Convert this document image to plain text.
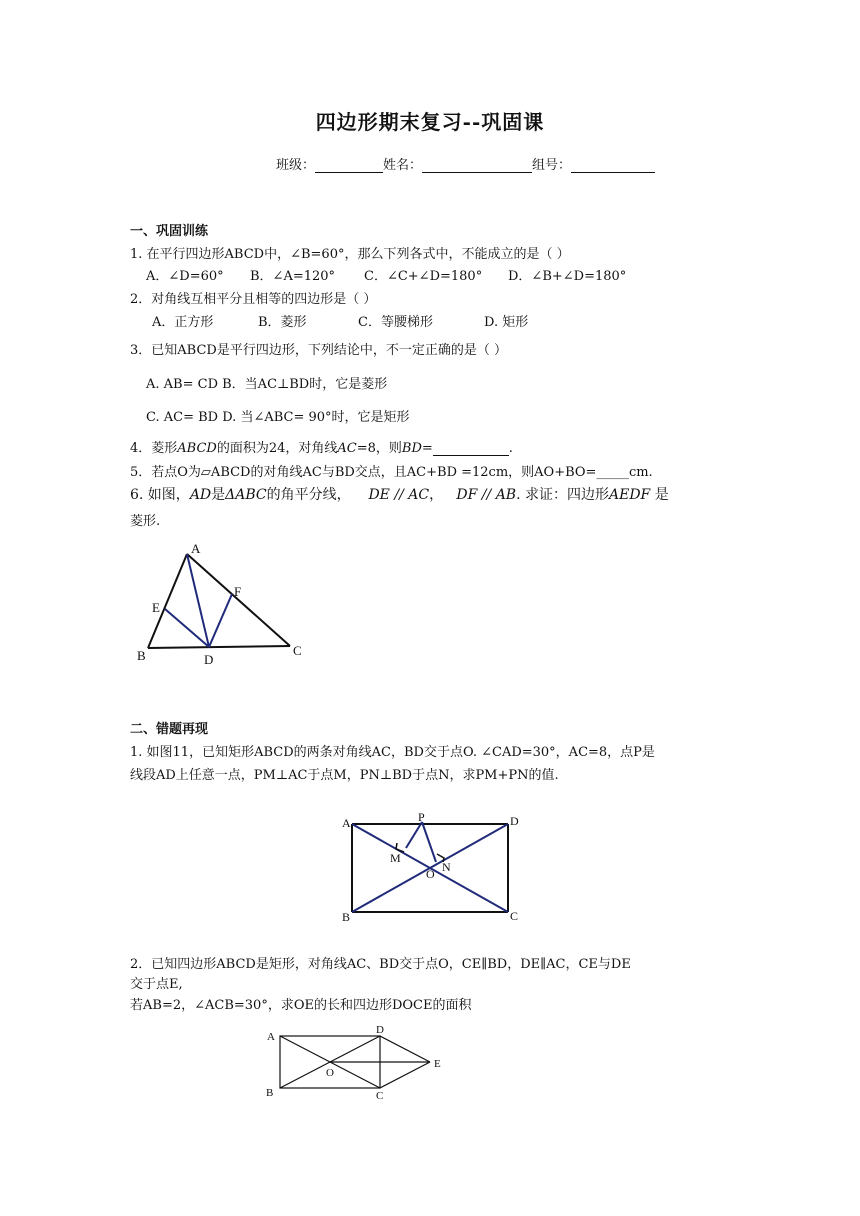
四边形期末复习--巩固课
班级：	姓名：	组号：
一、巩固训练
1. 在平行四边形ABCD中，∠B=60°，那么下列各式中，不能成立的是（ ）
A．∠D=60° B．∠A=120° C．∠C+∠D=180° D．∠B+∠D=180°
2．对角线互相平分且相等的四边形是（ ）
A．正方形	B．菱形	C．等腰梯形	D. 矩形
3．已知ABCD是平行四边形，下列结论中，不一定正确的是（ ）
A. AB= CD B．当AC⊥BD时，它是菱形
C. AC= BD D. 当∠ABC= 90°时，它是矩形
4．菱形ABCD的面积为24，对角线AC=8，则BD=	.
5．若点O为▱ABCD的对角线AC与BD交点，且AC+BD =12cm，则AO+BO=_____cm.
6. 如图，AD是ΔABC的角平分线， DE // AC， DF // AB. 求证：四边形AEDF 是
菱形.
A
B	C
D
E
F
二、错题再现
1. 如图11，已知矩形ABCD的两条对角线AC，BD交于点O. ∠CAD=30°，AC=8，点P是
线段AD上任意一点，PM⊥AC于点M，PN⊥BD于点N，求PM+PN的值.
A	P	D
M
N
O
B	C
2．已知四边形ABCD是矩形，对角线AC、BD交于点O，CE∥BD，DE∥AC，CE与DE
交于点E,
若AB=2，∠ACB=30°，求OE的长和四边形DOCE的面积
A
D
E
O
B	C
